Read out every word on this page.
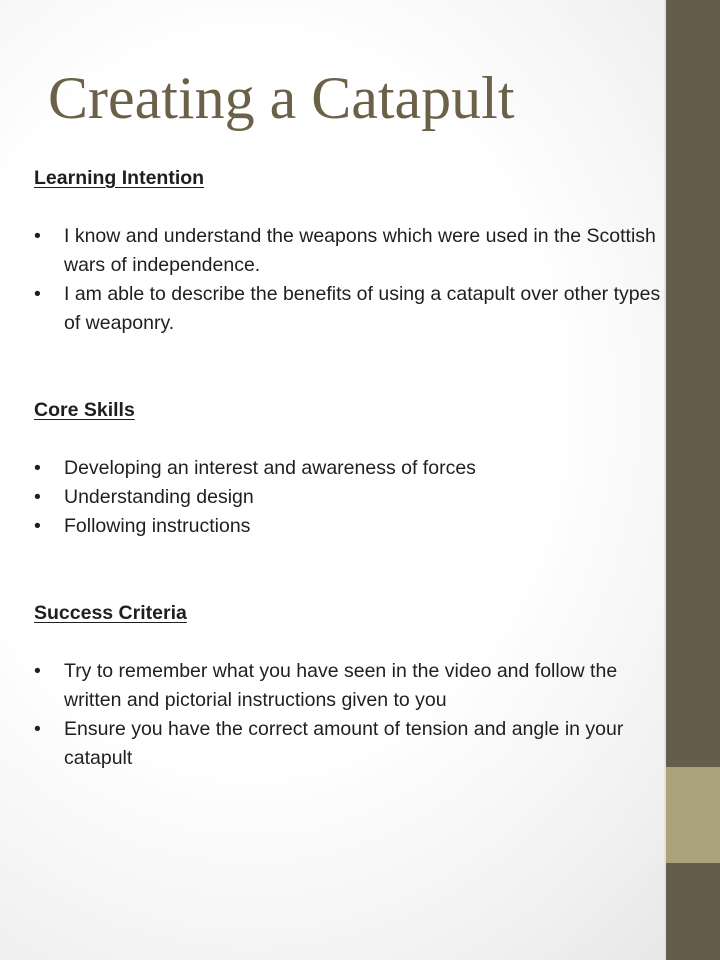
Creating a Catapult
Learning Intention
• I know and understand the weapons which were used in the Scottish wars of independence.
• I am able to describe the benefits of using a catapult over other types of weaponry.
Core Skills
• Developing an interest and awareness of forces
• Understanding design
• Following instructions
Success Criteria
• Try to remember what you have seen in the video and follow the written and pictorial instructions given to you
• Ensure you have the correct amount of tension and angle in your catapult
